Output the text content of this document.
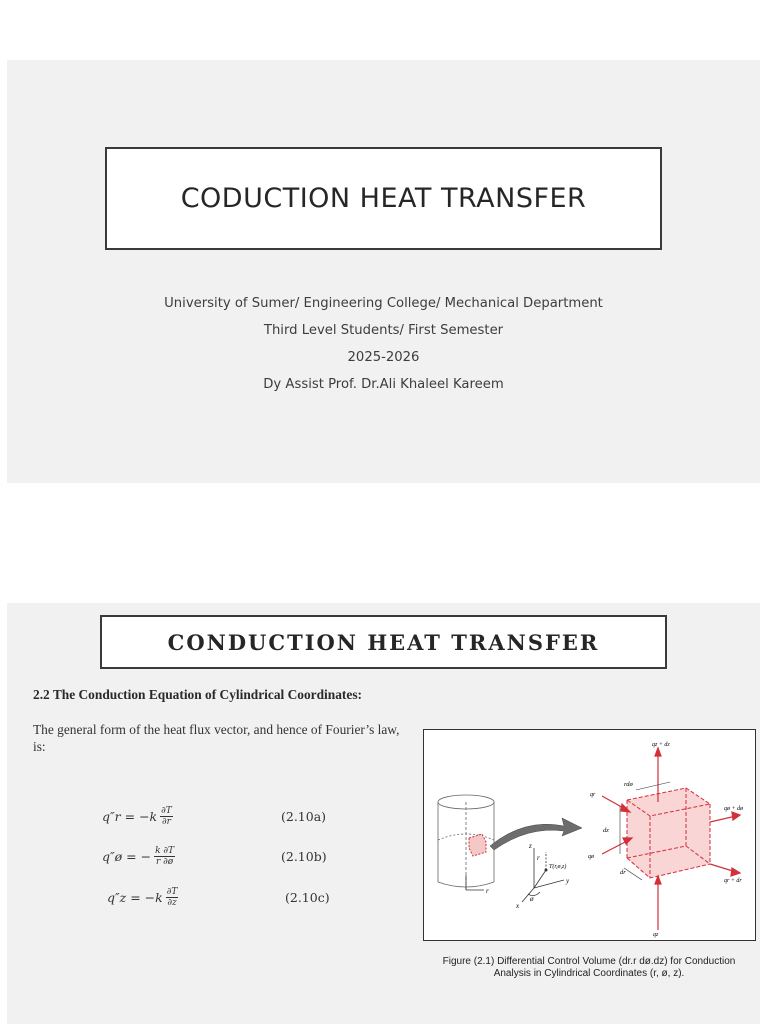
CODUCTION HEAT TRANSFER
University of Sumer/ Engineering College/ Mechanical Department
Third Level Students/ First Semester
2025-2026
Dy Assist Prof. Dr.Ali Khaleel Kareem
CONDUCTION HEAT TRANSFER
2.2 The Conduction Equation of Cylindrical Coordinates:
The general form of the heat flux vector, and hence of Fourier’s law, is:
$q''r = -k \frac{\partial T}{\partial r}$	(2.10a)
q″ø = − $\frac{k \partial T}{r \partial ø}$	(2.10b)
$q''z = -k \frac{\partial T}{\partial z}$	(2.10c)	r
z
y
x
r
ø
T(r,ø,z)
dz
dr
rdø
qz + dz
qz
qr
qø
qø + dø
qr + dr
Figure (2.1) Differential Control Volume (dr.r dø.dz) for Conduction
Analysis in Cylindrical Coordinates (r, ø, z).
